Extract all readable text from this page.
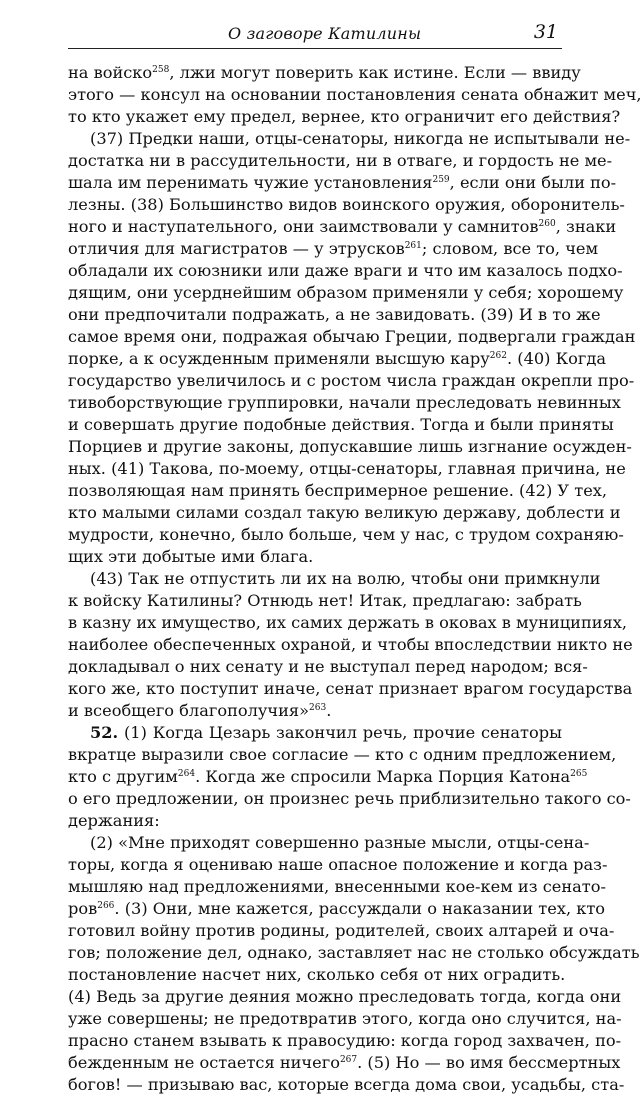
О заговоре Катилины	31
на войско$^{258}$, лжи могут поверить как истине. Если — ввиду
этого — консул на основании постановления сената обнажит меч,
то кто укажет ему предел, вернее, кто ограничит его действия?
(37) Предки наши, отцы-сенаторы, никогда не испытывали не-
достатка ни в рассудительности, ни в отваге, и гордость не ме-
шала им перенимать чужие установления$^{259}$, если они были по-
лезны. (38) Большинство видов воинского оружия, оборонитель-
ного и наступательного, они заимствовали у самнитов$^{260}$, знаки
отличия для магистратов — у этрусков$^{261}$; словом, все то, чем
обладали их союзники или даже враги и что им казалось подхо-
дящим, они усерднейшим образом применяли у себя; хорошему
они предпочитали подражать, а не завидовать. (39) И в то же
самое время они, подражая обычаю Греции, подвергали граждан
порке, а к осужденным применяли высшую кару$^{262}$. (40) Когда
государство увеличилось и с ростом числа граждан окрепли про-
тивоборствующие группировки, начали преследовать невинных
и совершать другие подобные действия. Тогда и были приняты
Порциев и другие законы, допускавшие лишь изгнание осужден-
ных. (41) Такова, по-моему, отцы-сенаторы, главная причина, не
позволяющая нам принять беспримерное решение. (42) У тех,
кто малыми силами создал такую великую державу, доблести и
мудрости, конечно, было больше, чем у нас, с трудом сохраняю-
щих эти добытые ими блага.
(43) Так не отпустить ли их на волю, чтобы они примкнули
к войску Катилины? Отнюдь нет! Итак, предлагаю: забрать
в казну их имущество, их самих держать в оковах в муниципиях,
наиболее обеспеченных охраной, и чтобы впоследствии никто не
докладывал о них сенату и не выступал перед народом; вся-
кого же, кто поступит иначе, сенат признает врагом государства
и всеобщего благополучия»$^{263}$.
52. (1) Когда Цезарь закончил речь, прочие сенаторы
вкратце выразили свое согласие — кто с одним предложением,
кто с другим$^{264}$. Когда же спросили Марка Порция Катона$^{265}$
о его предложении, он произнес речь приблизительно такого со-
держания:
(2) «Мне приходят совершенно разные мысли, отцы-сена-
торы, когда я оцениваю наше опасное положение и когда раз-
мышляю над предложениями, внесенными кое-кем из сенато-
ров$^{266}$. (3) Они, мне кажется, рассуждали о наказании тех, кто
готовил войну против родины, родителей, своих алтарей и оча-
гов; положение дел, однако, заставляет нас не столько обсуждать
постановление насчет них, сколько себя от них оградить.
(4) Ведь за другие деяния можно преследовать тогда, когда они
уже совершены; не предотвратив этого, когда оно случится, на-
прасно станем взывать к правосудию: когда город захвачен, по-
бежденным не остается ничего$^{267}$. (5) Но — во имя бессмертных
богов! — призываю вас, которые всегда дома свои, усадьбы, ста-
